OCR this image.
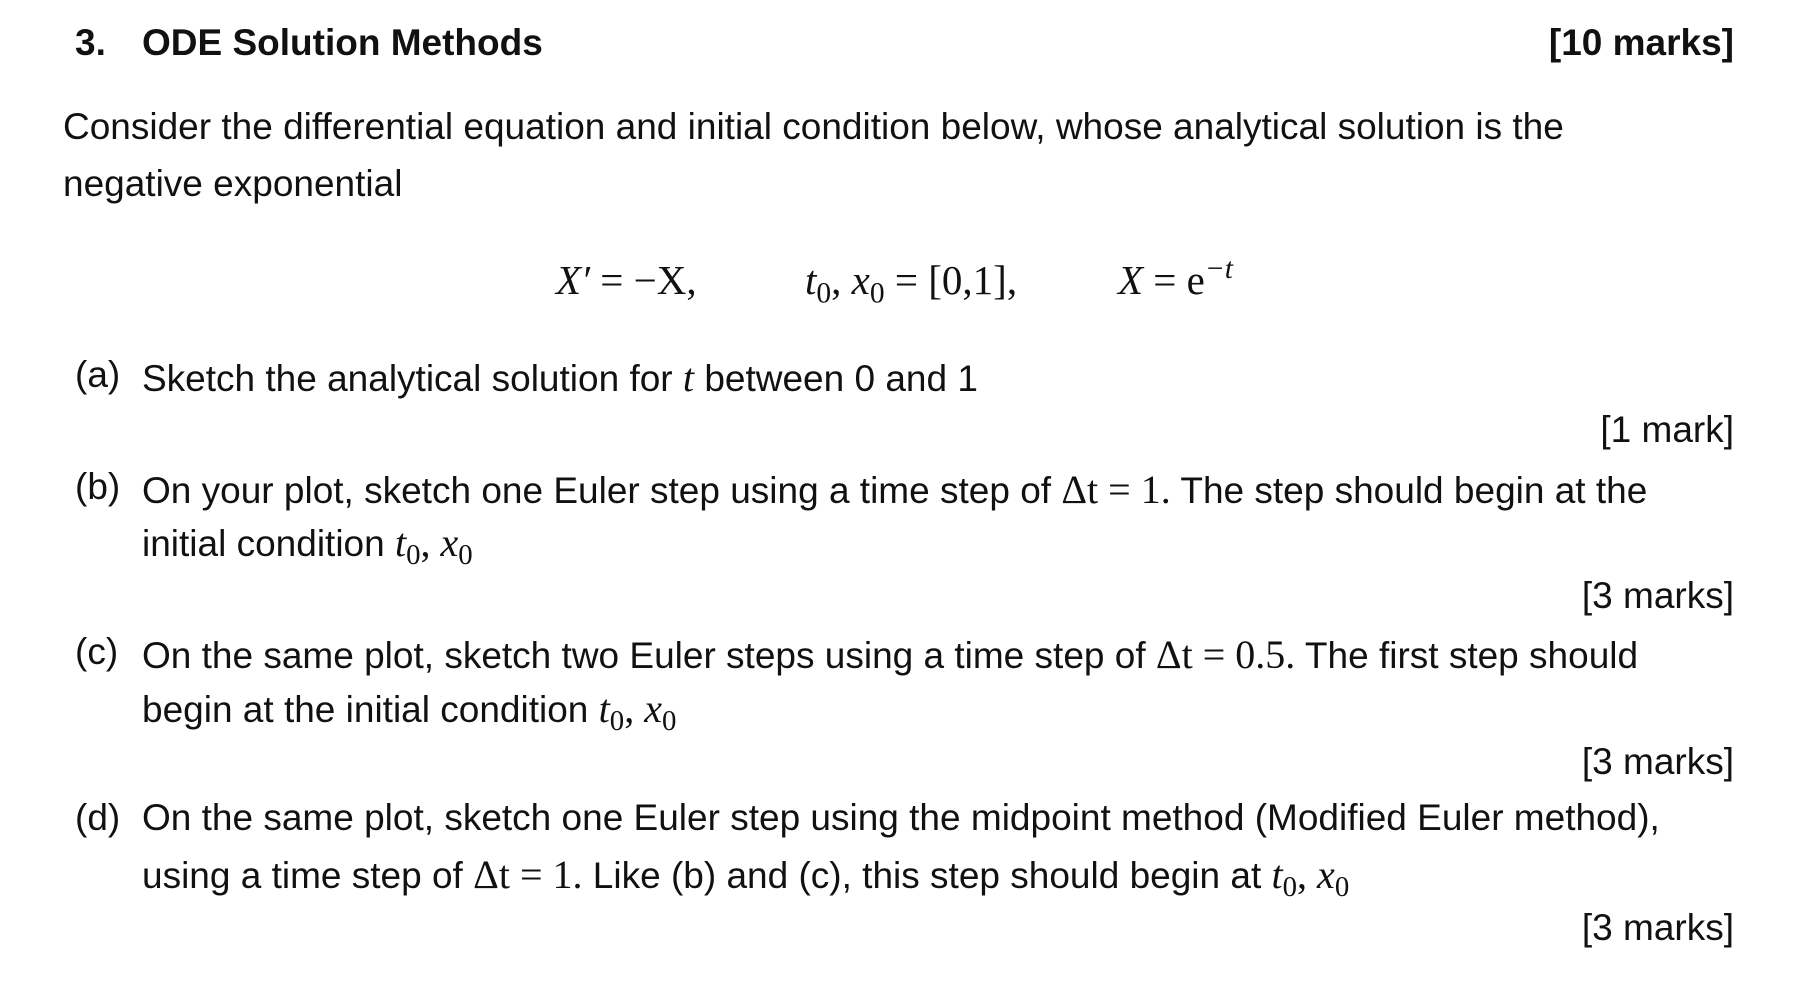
3. ODE Solution Methods	[10 marks]
Consider the differential equation and initial condition below, whose analytical solution is the
negative exponential
X′ = −X,	$t_0$, $x_0 = [0,1]$, $X = e^{-t}$
(a) Sketch the analytical solution for t between 0 and 1
[1 mark]
(b) On your plot, sketch one Euler step using a time step of Δt = 1. The step should begin at the
initial condition $t_0$, $x_0$
[3 marks]
(c) On the same plot, sketch two Euler steps using a time step of Δt = 0.5. The first step should
begin at the initial condition $t_0$, $x_0$
[3 marks]
(d) On the same plot, sketch one Euler step using the midpoint method (Modified Euler method),
using a time step of Δt = 1. Like (b) and (c), this step should begin at $t_0$, $x_0$
[3 marks]
